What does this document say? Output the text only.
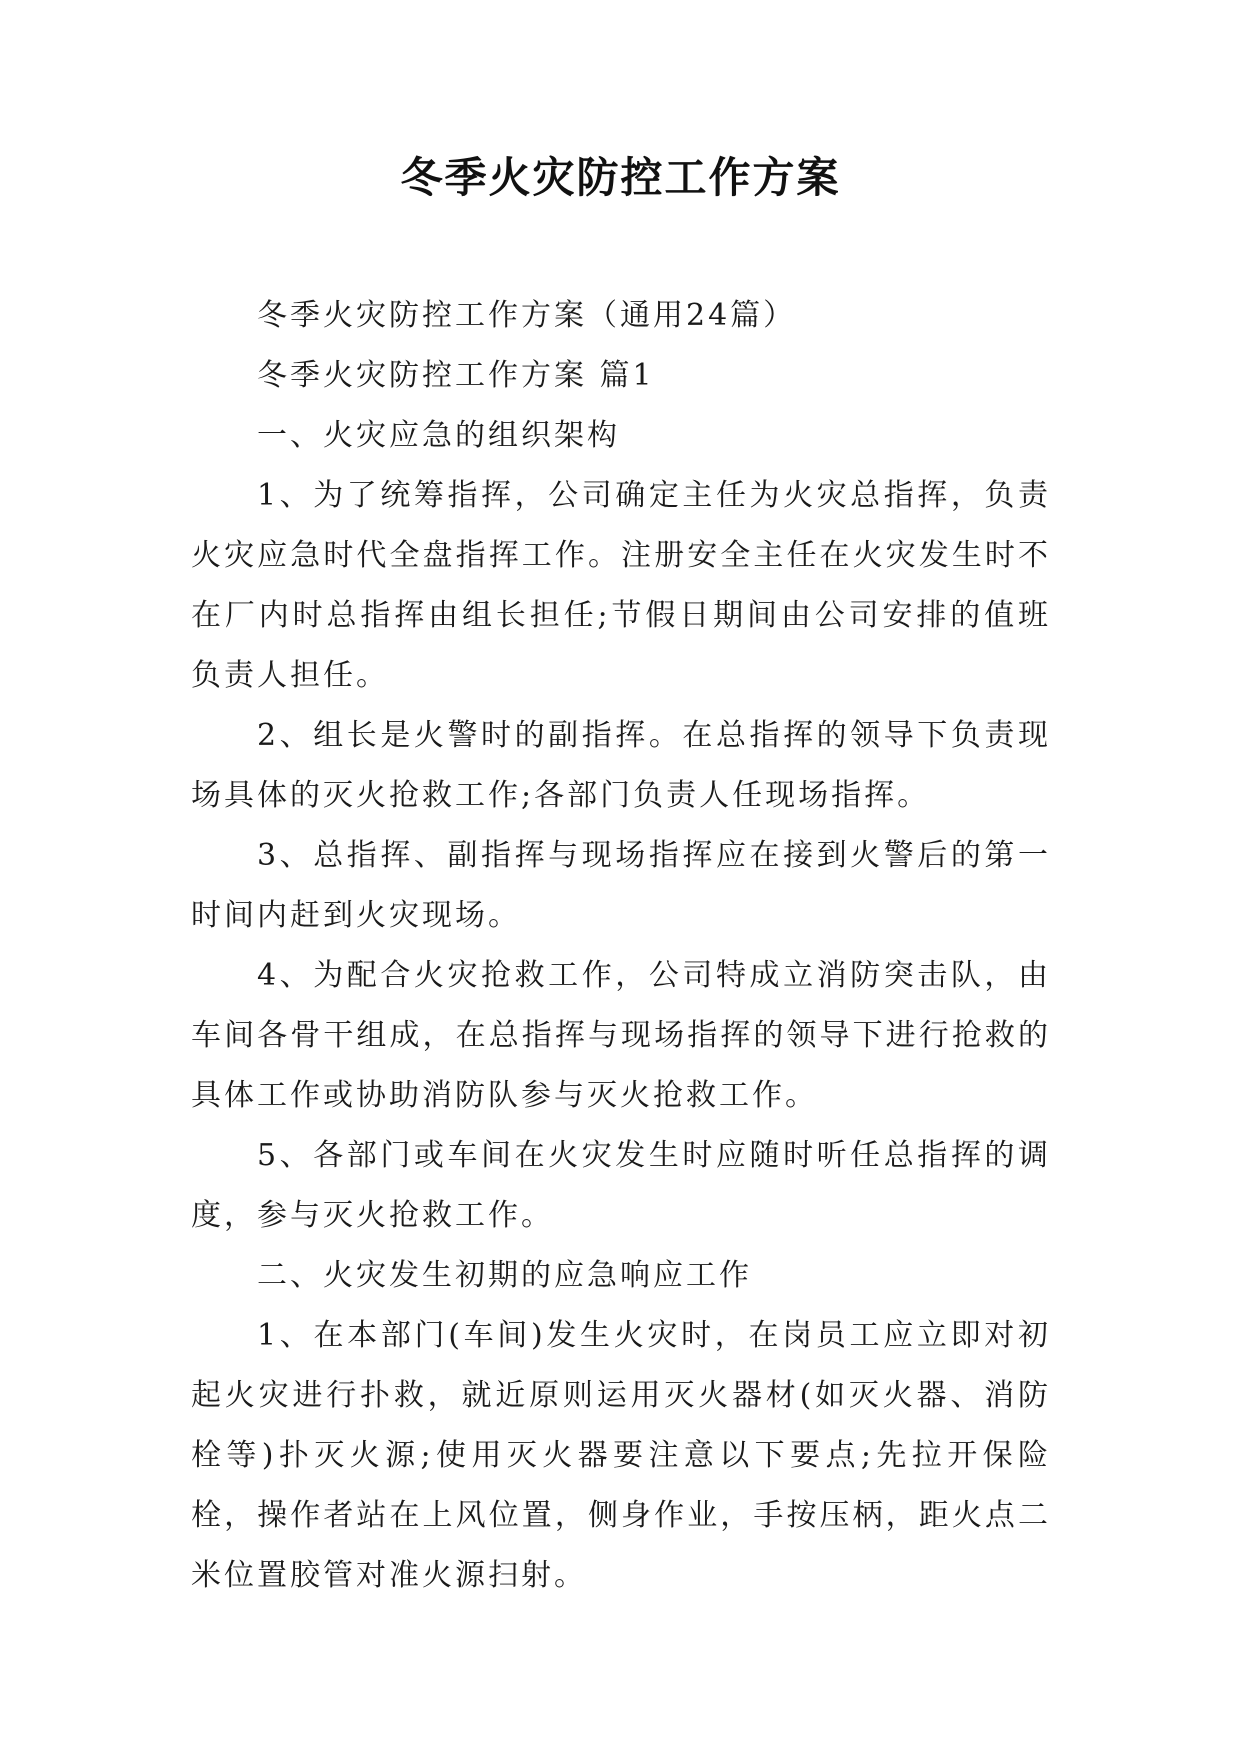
冬季火灾防控工作方案

冬季火灾防控工作方案（通用24篇）

冬季火灾防控工作方案 篇1

一、火灾应急的组织架构

1、为了统筹指挥，公司确定主任为火灾总指挥，负责火灾应急时代全盘指挥工作。注册安全主任在火灾发生时不在厂内时总指挥由组长担任;节假日期间由公司安排的值班负责人担任。

2、组长是火警时的副指挥。在总指挥的领导下负责现场具体的灭火抢救工作;各部门负责人任现场指挥。

3、总指挥、副指挥与现场指挥应在接到火警后的第一时间内赶到火灾现场。

4、为配合火灾抢救工作，公司特成立消防突击队，由车间各骨干组成，在总指挥与现场指挥的领导下进行抢救的具体工作或协助消防队参与灭火抢救工作。

5、各部门或车间在火灾发生时应随时听任总指挥的调度，参与灭火抢救工作。

二、火灾发生初期的应急响应工作

1、在本部门(车间)发生火灾时，在岗员工应立即对初起火灾进行扑救，就近原则运用灭火器材(如灭火器、消防栓等)扑灭火源;使用灭火器要注意以下要点;先拉开保险栓，操作者站在上风位置，侧身作业，手按压柄，距火点二米位置胶管对准火源扫射。
